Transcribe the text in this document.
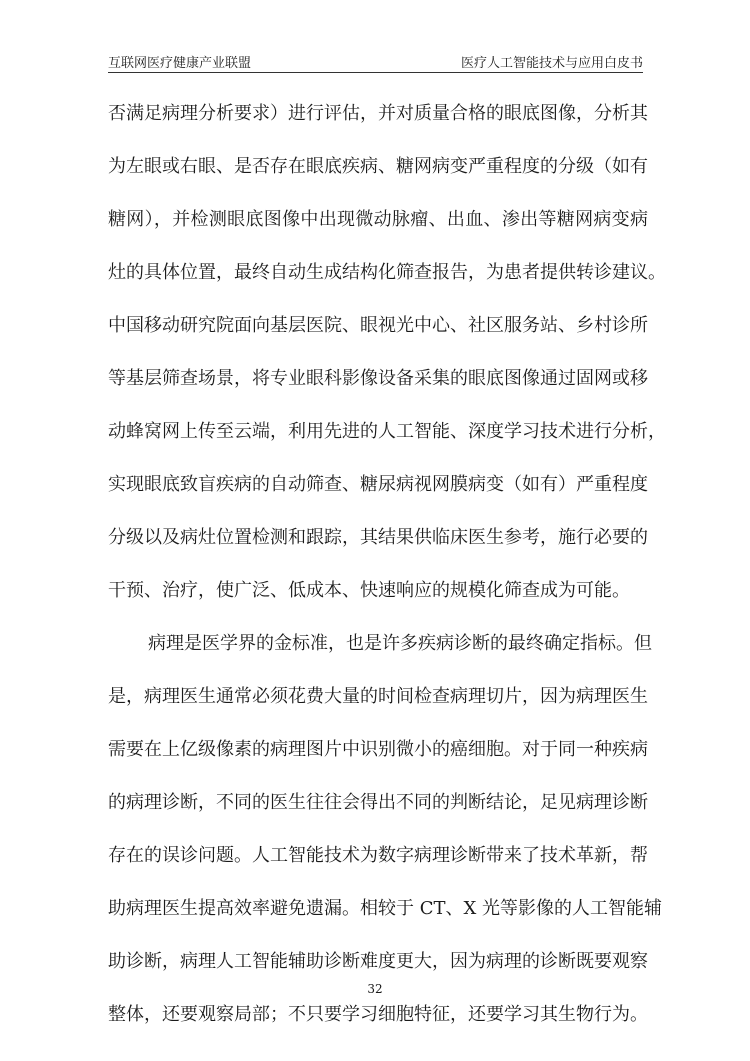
互联网医疗健康产业联盟	医疗人工智能技术与应用白皮书
否满足病理分析要求）进行评估，并对质量合格的眼底图像，分析其
为左眼或右眼、是否存在眼底疾病、糖网病变严重程度的分级（如有
糖网），并检测眼底图像中出现微动脉瘤、出血、渗出等糖网病变病
灶的具体位置，最终自动生成结构化筛查报告，为患者提供转诊建议。
中国移动研究院面向基层医院、眼视光中心、社区服务站、乡村诊所
等基层筛查场景，将专业眼科影像设备采集的眼底图像通过固网或移
动蜂窝网上传至云端，利用先进的人工智能、深度学习技术进行分析，
实现眼底致盲疾病的自动筛查、糖尿病视网膜病变（如有）严重程度
分级以及病灶位置检测和跟踪，其结果供临床医生参考，施行必要的
干预、治疗，使广泛、低成本、快速响应的规模化筛查成为可能。
病理是医学界的金标准，也是许多疾病诊断的最终确定指标。但
是，病理医生通常必须花费大量的时间检查病理切片，因为病理医生
需要在上亿级像素的病理图片中识别微小的癌细胞。对于同一种疾病
的病理诊断，不同的医生往往会得出不同的判断结论，足见病理诊断
存在的误诊问题。人工智能技术为数字病理诊断带来了技术革新，帮
助病理医生提高效率避免遗漏。相较于 CT、X 光等影像的人工智能辅
助诊断，病理人工智能辅助诊断难度更大，因为病理的诊断既要观察
整体，还要观察局部；不只要学习细胞特征，还要学习其生物行为。
32
